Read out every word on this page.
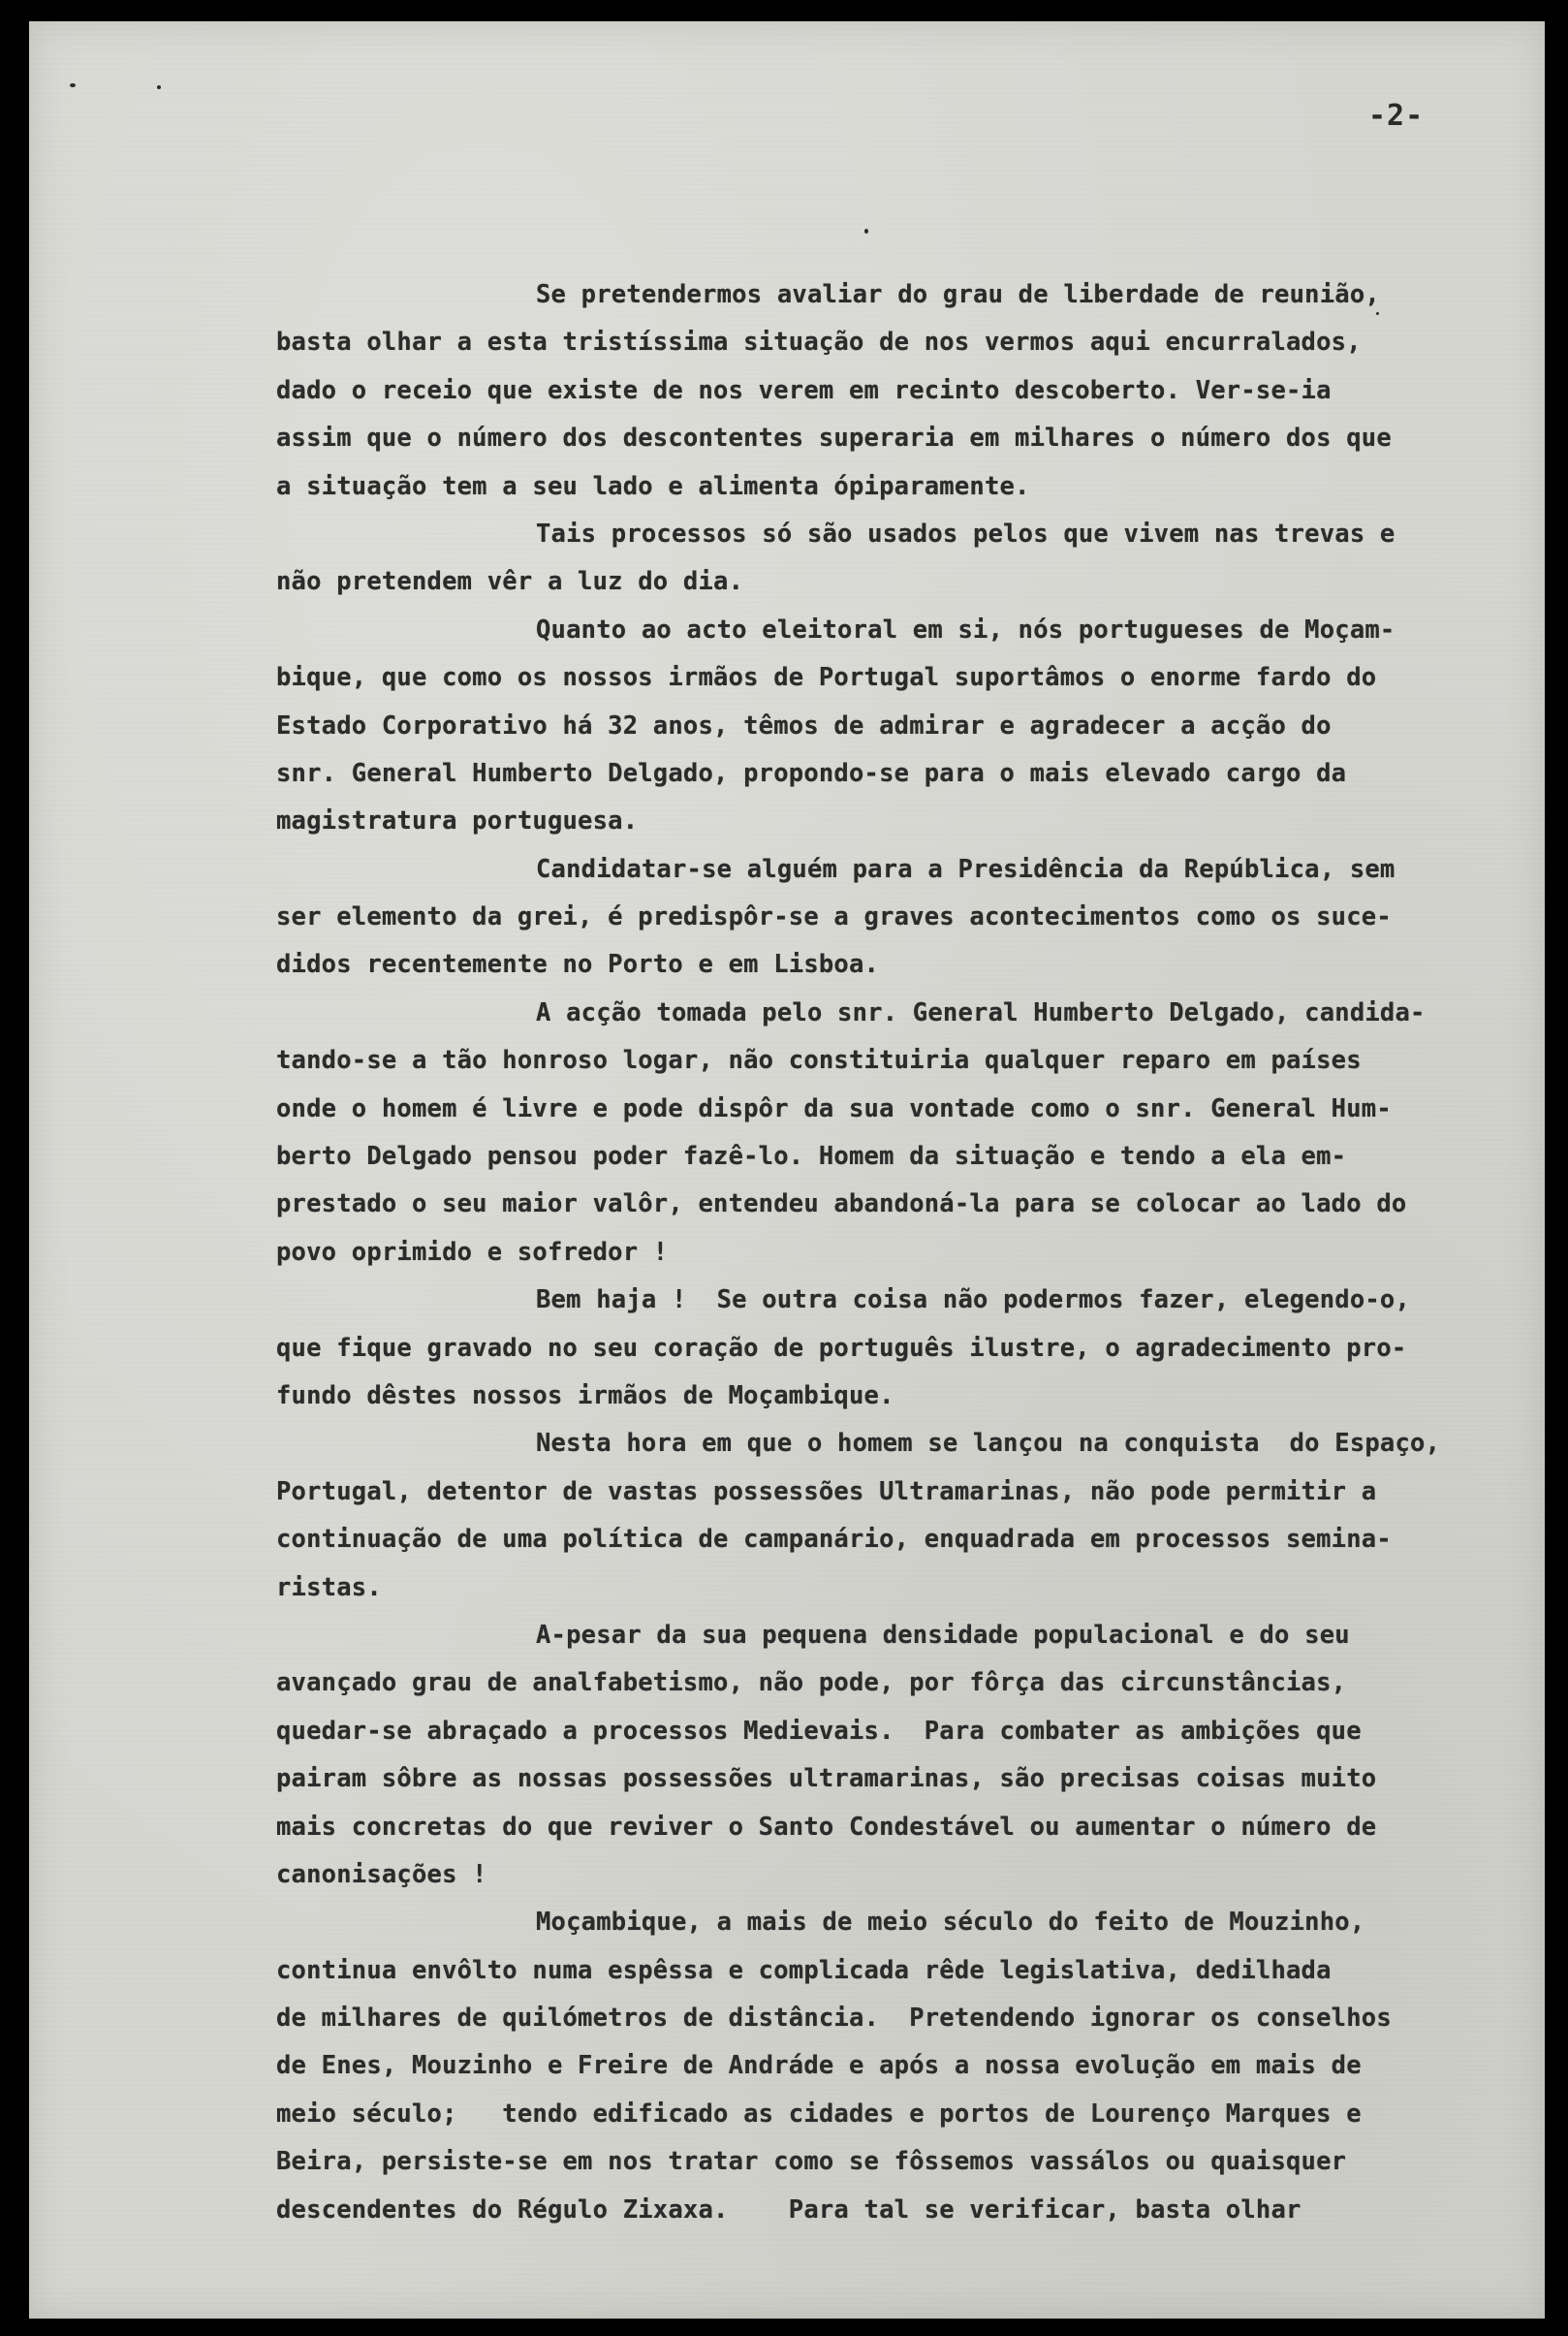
-2-
Se pretendermos avaliar do grau de liberdade de reunião,
basta olhar a esta tristíssima situação de nos vermos aqui encurralados,
dado o receio que existe de nos verem em recinto descoberto. Ver-se-ia
assim que o número dos descontentes superaria em milhares o número dos que
a situação tem a seu lado e alimenta ópiparamente.
Tais processos só são usados pelos que vivem nas trevas e
não pretendem vêr a luz do dia.
Quanto ao acto eleitoral em si, nós portugueses de Moçam-
bique, que como os nossos irmãos de Portugal suportâmos o enorme fardo do
Estado Corporativo há 32 anos, têmos de admirar e agradecer a acção do
snr. General Humberto Delgado, propondo-se para o mais elevado cargo da
magistratura portuguesa.
Candidatar-se alguém para a Presidência da República, sem
ser elemento da grei, é predispôr-se a graves acontecimentos como os suce-
didos recentemente no Porto e em Lisboa.
A acção tomada pelo snr. General Humberto Delgado, candida-
tando-se a tão honroso logar, não constituiria qualquer reparo em países
onde o homem é livre e pode dispôr da sua vontade como o snr. General Hum-
berto Delgado pensou poder fazê-lo. Homem da situação e tendo a ela em-
prestado o seu maior valôr, entendeu abandoná-la para se colocar ao lado do
povo oprimido e sofredor !
Bem haja !  Se outra coisa não podermos fazer, elegendo-o,
que fique gravado no seu coração de português ilustre, o agradecimento pro-
fundo dêstes nossos irmãos de Moçambique.
Nesta hora em que o homem se lançou na conquista  do Espaço,
Portugal, detentor de vastas possessões Ultramarinas, não pode permitir a
continuação de uma política de campanário, enquadrada em processos semina-
ristas.
A-pesar da sua pequena densidade populacional e do seu
avançado grau de analfabetismo, não pode, por fôrça das circunstâncias,
quedar-se abraçado a processos Medievais.  Para combater as ambições que
pairam sôbre as nossas possessões ultramarinas, são precisas coisas muito
mais concretas do que reviver o Santo Condestável ou aumentar o número de
canonisações !
Moçambique, a mais de meio século do feito de Mouzinho,
continua envôlto numa espêssa e complicada rêde legislativa, dedilhada
de milhares de quilómetros de distância.  Pretendendo ignorar os conselhos
de Enes, Mouzinho e Freire de Andráde e após a nossa evolução em mais de
meio século;   tendo edificado as cidades e portos de Lourenço Marques e
Beira, persiste-se em nos tratar como se fôssemos vassálos ou quaisquer
descendentes do Régulo Zixaxa.    Para tal se verificar, basta olhar
